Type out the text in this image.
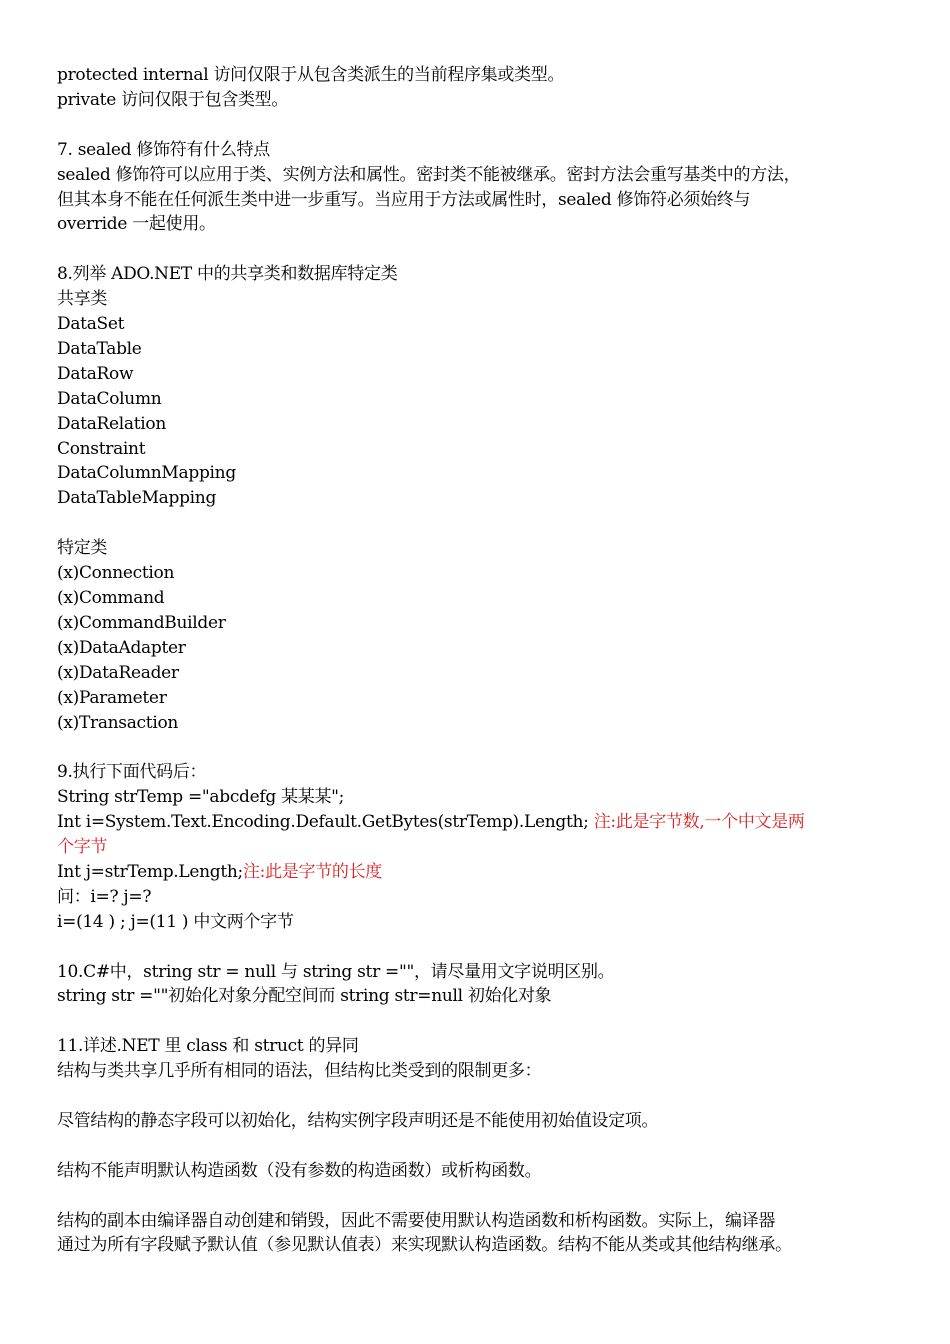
protected internal 访问仅限于从包含类派生的当前程序集或类型。
private 访问仅限于包含类型。
7. sealed 修饰符有什么特点
sealed 修饰符可以应用于类、实例方法和属性。密封类不能被继承。密封方法会重写基类中的方法，
但其本身不能在任何派生类中进一步重写。当应用于方法或属性时，sealed 修饰符必须始终与
override 一起使用。
8.列举 ADO.NET 中的共享类和数据库特定类
共享类
DataSet
DataTable
DataRow
DataColumn
DataRelation
Constraint
DataColumnMapping
DataTableMapping
特定类
(x)Connection
(x)Command
(x)CommandBuilder
(x)DataAdapter
(x)DataReader
(x)Parameter
(x)Transaction
9.执行下面代码后：
String strTemp ="abcdefg 某某某";
Int i=System.Text.Encoding.Default.GetBytes(strTemp).Length; 注:此是字节数,一个中文是两
个字节
Int j=strTemp.Length;注:此是字节的长度
问：i=? j=?
i=(14 ) ; j=(11 ) 中文两个字节
10.C#中，string str = null 与 string str =""，请尽量用文字说明区别。
string str =""初始化对象分配空间而 string str=null 初始化对象
11.详述.NET 里 class 和 struct 的异同
结构与类共享几乎所有相同的语法，但结构比类受到的限制更多：
尽管结构的静态字段可以初始化，结构实例字段声明还是不能使用初始值设定项。
结构不能声明默认构造函数（没有参数的构造函数）或析构函数。
结构的副本由编译器自动创建和销毁，因此不需要使用默认构造函数和析构函数。实际上，编译器
通过为所有字段赋予默认值（参见默认值表）来实现默认构造函数。结构不能从类或其他结构继承。
